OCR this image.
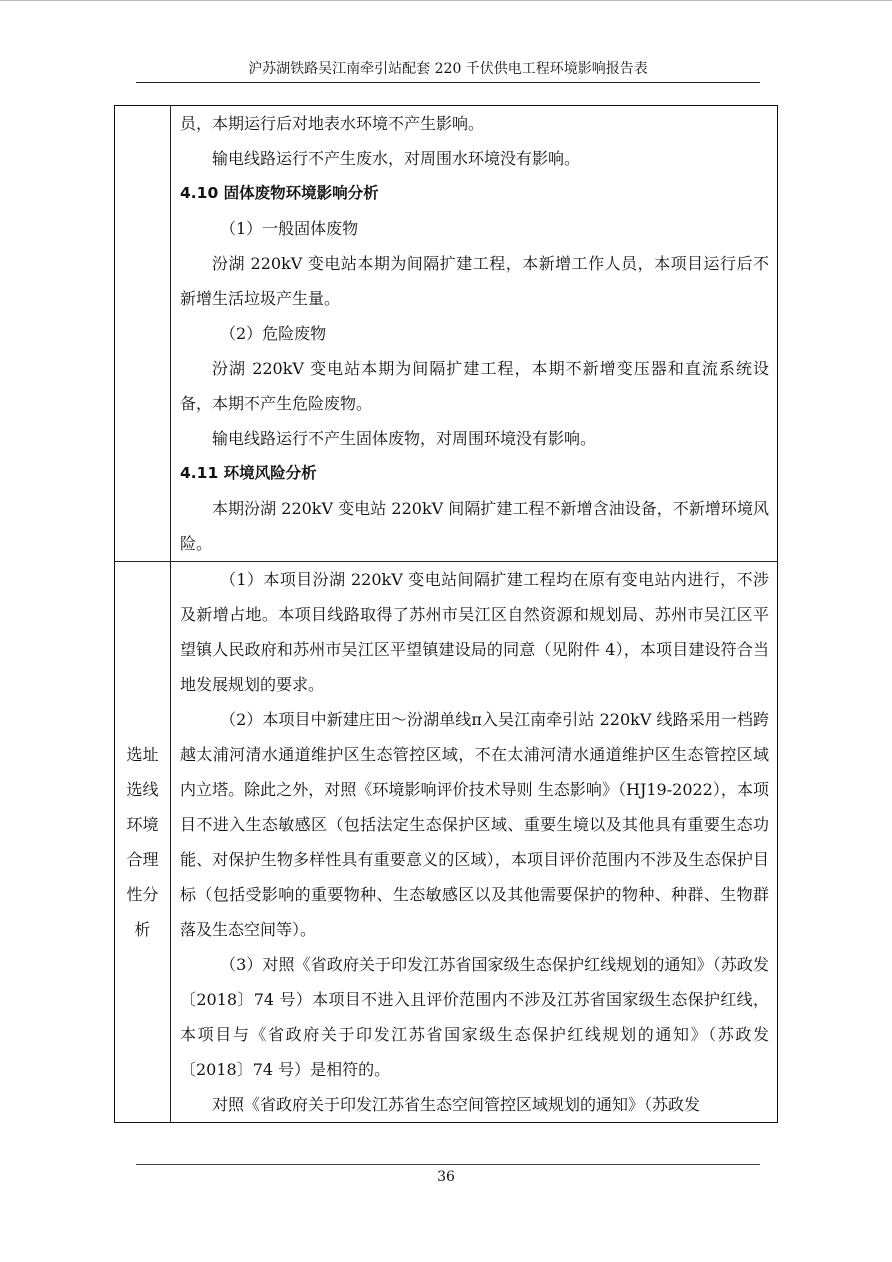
沪苏湖铁路吴江南牵引站配套 220 千伏供电工程环境影响报告表

员，本期运行后对地表水环境不产生影响。

输电线路运行不产生废水，对周围水环境没有影响。

4.10 固体废物环境影响分析

（1）一般固体废物

汾湖 220kV 变电站本期为间隔扩建工程，本新增工作人员，本项目运行后不新增生活垃圾产生量。

（2）危险废物

汾湖 220kV 变电站本期为间隔扩建工程，本期不新增变压器和直流系统设备，本期不产生危险废物。

输电线路运行不产生固体废物，对周围环境没有影响。

4.11 环境风险分析

本期汾湖 220kV 变电站 220kV 间隔扩建工程不新增含油设备，不新增环境风险。

选址选线环境合理性分析

（1）本项目汾湖 220kV 变电站间隔扩建工程均在原有变电站内进行，不涉及新增占地。本项目线路取得了苏州市吴江区自然资源和规划局、苏州市吴江区平望镇人民政府和苏州市吴江区平望镇建设局的同意（见附件 4），本项目建设符合当地发展规划的要求。

（2）本项目中新建庄田～汾湖单线π入吴江南牵引站 220kV 线路采用一档跨越太浦河清水通道维护区生态管控区域，不在太浦河清水通道维护区生态管控区域内立塔。除此之外，对照《环境影响评价技术导则 生态影响》（HJ19-2022），本项目不进入生态敏感区（包括法定生态保护区域、重要生境以及其他具有重要生态功能、对保护生物多样性具有重要意义的区域），本项目评价范围内不涉及生态保护目标（包括受影响的重要物种、生态敏感区以及其他需要保护的物种、种群、生物群落及生态空间等）。

（3）对照《省政府关于印发江苏省国家级生态保护红线规划的通知》（苏政发〔2018〕74 号）本项目不进入且评价范围内不涉及江苏省国家级生态保护红线，本项目与《省政府关于印发江苏省国家级生态保护红线规划的通知》（苏政发〔2018〕74 号）是相符的。

对照《省政府关于印发江苏省生态空间管控区域规划的通知》（苏政发

36
